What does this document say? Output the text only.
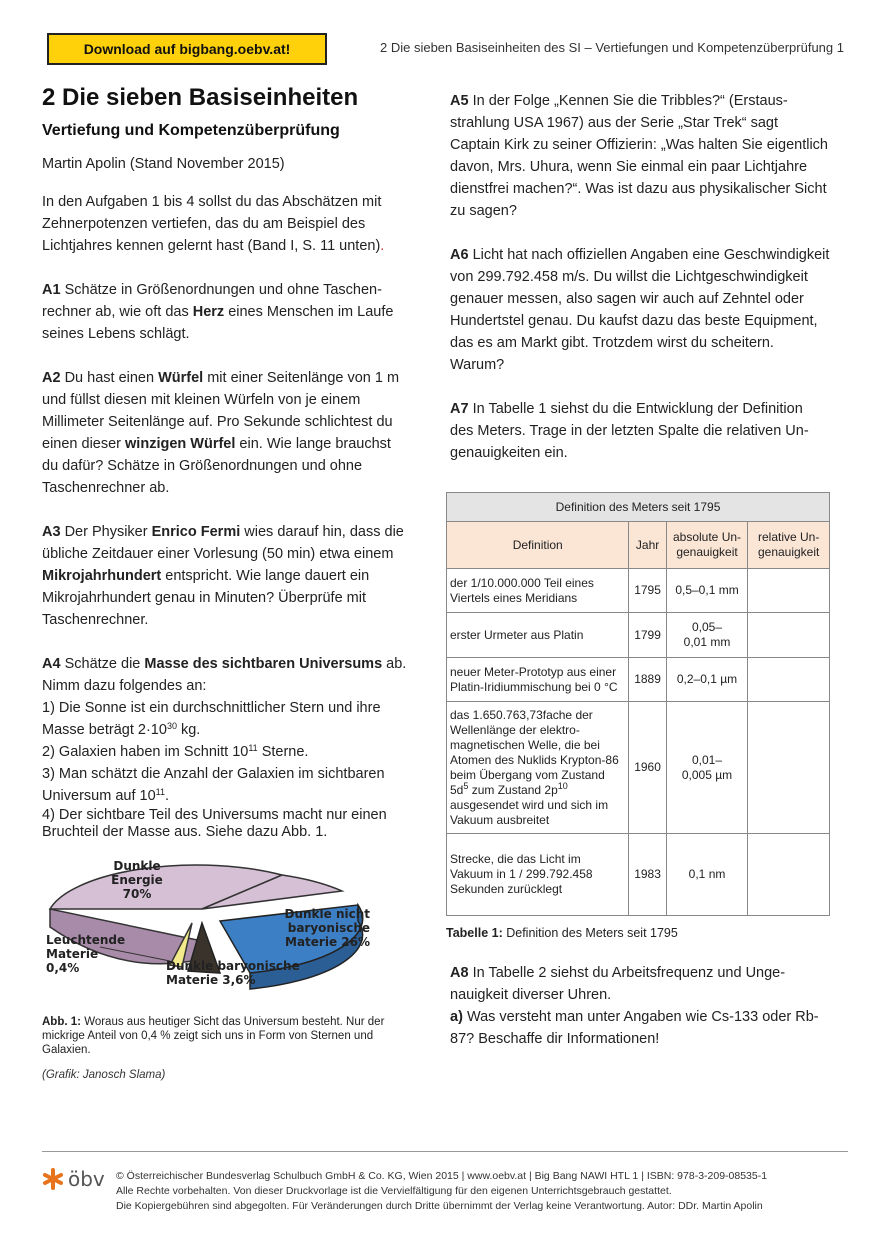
Download auf bigbang.oebv.at!	2 Die sieben Basiseinheiten des SI – Vertiefungen und Kompetenzüberprüfung 1
2 Die sieben Basiseinheiten
Vertiefung und Kompetenzüberprüfung
Martin Apolin (Stand November 2015)

In den Aufgaben 1 bis 4 sollst du das Abschätzen mit Zehnerpotenzen vertiefen, das du am Beispiel des Lichtjahres kennen gelernt hast (Band I, S. 11 unten).

A1 Schätze in Größenordnungen und ohne Taschenrechner ab, wie oft das Herz eines Menschen im Laufe seines Lebens schlägt.

A2 Du hast einen Würfel mit einer Seitenlänge von 1 m und füllst diesen mit kleinen Würfeln von je einem Millimeter Seitenlänge auf. Pro Sekunde schlichtest du einen dieser winzigen Würfel ein. Wie lange brauchst du dafür? Schätze in Größenordnungen und ohne Taschenrechner ab.

A3 Der Physiker Enrico Fermi wies darauf hin, dass die übliche Zeitdauer einer Vorlesung (50 min) etwa einem Mikrojahrhundert entspricht. Wie lange dauert ein Mikrojahrhundert genau in Minuten? Überprüfe mit Taschenrechner.

A4 Schätze die Masse des sichtbaren Universums ab. Nimm dazu folgendes an:

1) Die Sonne ist ein durchschnittlicher Stern und ihre Masse beträgt $2\cdot 10^{30}$ kg.
2) Galaxien haben im Schnitt $10^{11}$ Sterne.
3) Man schätzt die Anzahl der Galaxien im sichtbaren Universum auf $10^{11}$.
4) Der sichtbare Teil des Universums macht nur einen Bruchteil der Masse aus. Siehe dazu Abb. 1.
Dunkle Energie 70%
Dunkle nicht baryonische Materie 26%
Leuchtende Materie 0,4%	Dunkle baryonische Materie 3,6%
Abb. 1: Woraus aus heutiger Sicht das Universum besteht. Nur der mickrige Anteil von 0,4 % zeigt sich uns in Form von Sternen und Galaxien.
(Grafik: Janosch Slama)

A5 In der Folge „Kennen Sie die Tribbles?“ (Erstausstrahlung USA 1967) aus der Serie „Star Trek“ sagt Captain Kirk zu seiner Offizierin: „Was halten Sie eigentlich davon, Mrs. Uhura, wenn Sie einmal ein paar Lichtjahre dienstfrei machen?“. Was ist dazu aus physikalischer Sicht zu sagen?

A6 Licht hat nach offiziellen Angaben eine Geschwindigkeit von 299.792.458 m/s. Du willst die Lichtgeschwindigkeit genauer messen, also sagen wir auch auf Zehntel oder Hundertstel genau. Du kaufst dazu das beste Equipment, das es am Markt gibt. Trotzdem wirst du scheitern. Warum?

A7 In Tabelle 1 siehst du die Entwicklung der Definition des Meters. Trage in der letzten Spalte die relativen Ungenauigkeiten ein.

Definition des Meters seit 1795			
Definition	Jahr	absolute Ungenauigkeit	relative Ungenauigkeit
der 1/10.000.000 Teil eines Viertels eines Meridians	1795	0,5–0,1 mm	
erster Urmeter aus Platin	1799	0,05–
0,01 mm	
neuer Meter-Prototyp aus einer Platin-Iridiummischung bei 0 °C	1889	0,2–0,1 µm	
das 1.650.763,73fache der Wellenlänge der elektromagnetischen Welle, die bei Atomen des Nuklids Krypton-86 beim Übergang vom Zustand $5d^5$ zum Zustand $2p^{10}$ ausgesendet wird und sich im Vakuum ausbreitet	1960	0,01–
0,005 µm	
Strecke, die das Licht im Vakuum in 1 / 299.792.458 Sekunden zurücklegt	1983	0,1 nm	
Tabelle 1: Definition des Meters seit 1795

A8 In Tabelle 2 siehst du Arbeitsfrequenz und Ungenauigkeit diverser Uhren.

a) Was versteht man unter Angaben wie Cs-133 oder Rb-87? Beschaffe dir Informationen!

öbv © Österreichischer Bundesverlag Schulbuch GmbH & Co. KG, Wien 2015 | www.oebv.at | Big Bang NAWI HTL 1 | ISBN: 978-3-209-08535-1
Alle Rechte vorbehalten. Von dieser Druckvorlage ist die Vervielfältigung für den eigenen Unterrichtsgebrauch gestattet.
Die Kopiergebühren sind abgegolten. Für Veränderungen durch Dritte übernimmt der Verlag keine Verantwortung. Autor: DDr. Martin Apolin
